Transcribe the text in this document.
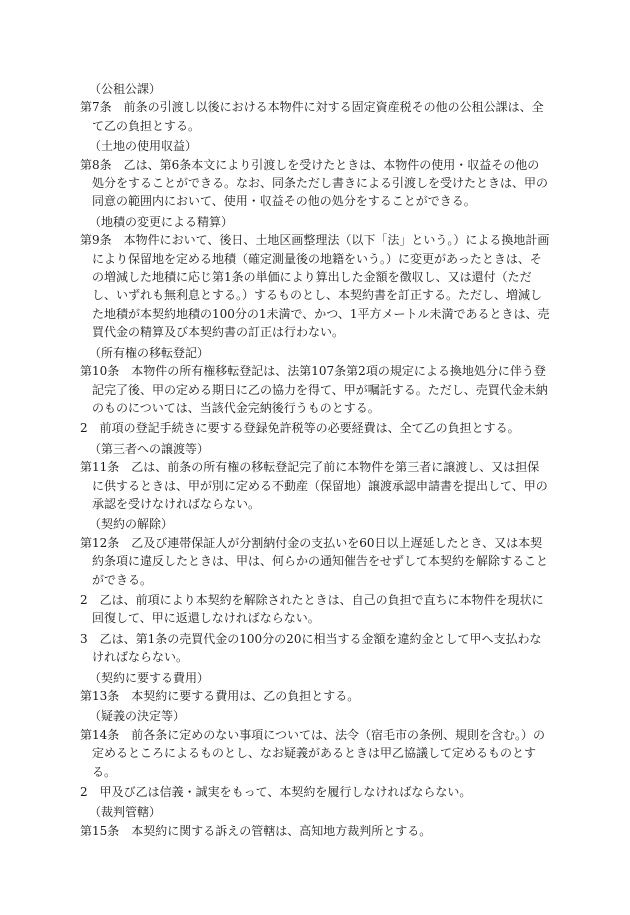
（公租公課）
第7条　前条の引渡し以後における本物件に対する固定資産税その他の公租公課は、全て乙の負担とする。
（土地の使用収益）
第8条　乙は、第6条本文により引渡しを受けたときは、本物件の使用・収益その他の処分をすることができる。なお、同条ただし書きによる引渡しを受けたときは、甲の同意の範囲内において、使用・収益その他の処分をすることができる。
（地積の変更による精算）
第9条　本物件において、後日、土地区画整理法（以下「法」という。）による換地計画により保留地を定める地積（確定測量後の地籍をいう。）に変更があったときは、その増減した地積に応じ第1条の単価により算出した金額を徴収し、又は還付（ただし、いずれも無利息とする。）するものとし、本契約書を訂正する。ただし、増減した地積が本契約地積の100分の1未満で、かつ、1平方メートル未満であるときは、売買代金の精算及び本契約書の訂正は行わない。
（所有権の移転登記）
第10条　本物件の所有権移転登記は、法第107条第2項の規定による換地処分に伴う登記完了後、甲の定める期日に乙の協力を得て、甲が嘱託する。ただし、売買代金未納のものについては、当該代金完納後行うものとする。
2　前項の登記手続きに要する登録免許税等の必要経費は、全て乙の負担とする。
（第三者への譲渡等）
第11条　乙は、前条の所有権の移転登記完了前に本物件を第三者に譲渡し、又は担保に供するときは、甲が別に定める不動産（保留地）譲渡承認申請書を提出して、甲の承認を受けなければならない。
（契約の解除）
第12条　乙及び連帯保証人が分割納付金の支払いを60日以上遅延したとき、又は本契約条項に違反したときは、甲は、何らかの通知催告をせずして本契約を解除することができる。
2　乙は、前項により本契約を解除されたときは、自己の負担で直ちに本物件を現状に回復して、甲に返還しなければならない。
3　乙は、第1条の売買代金の100分の20に相当する金額を違約金として甲へ支払わなければならない。
（契約に要する費用）
第13条　本契約に要する費用は、乙の負担とする。
（疑義の決定等）
第14条　前各条に定めのない事項については、法令（宿毛市の条例、規則を含む。）の定めるところによるものとし、なお疑義があるときは甲乙協議して定めるものとする。
2　甲及び乙は信義・誠実をもって、本契約を履行しなければならない。
（裁判管轄）
第15条　本契約に関する訴えの管轄は、高知地方裁判所とする。
